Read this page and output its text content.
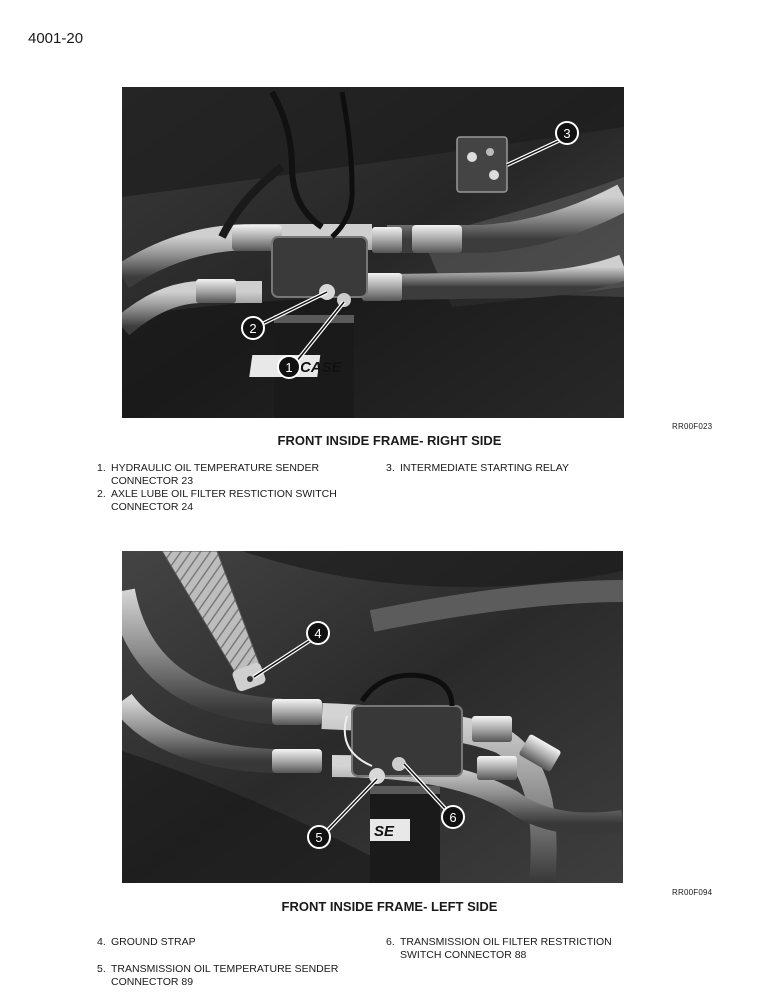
4001-20
CASE
3
2
1
RR00F023
FRONT INSIDE FRAME- RIGHT SIDE
1. HYDRAULIC OIL TEMPERATURE SENDER
CONNECTOR 23
2. AXLE LUBE OIL FILTER RESTICTION SWITCH
CONNECTOR 24
3. INTERMEDIATE STARTING RELAY
SE
4
5
6
RR00F094
FRONT INSIDE FRAME- LEFT SIDE
4. GROUND STRAP
5. TRANSMISSION OIL TEMPERATURE SENDER
CONNECTOR 89
6. TRANSMISSION OIL FILTER RESTRICTION
SWITCH CONNECTOR 88
